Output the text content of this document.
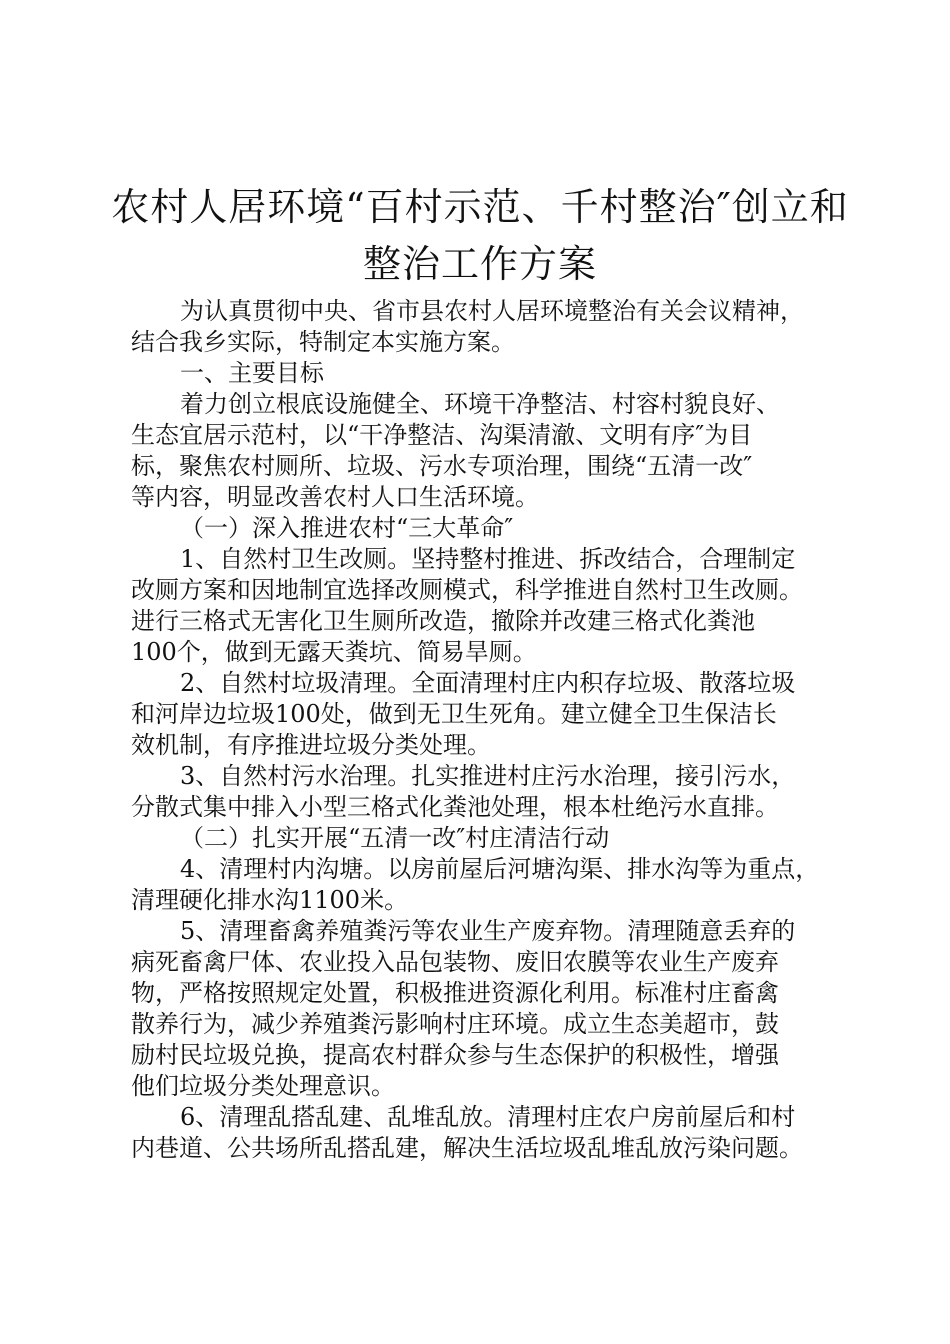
农村人居环境“百村示范、千村整治″创立和
整治工作方案
为认真贯彻中央、省市县农村人居环境整治有关会议精神，
结合我乡实际，特制定本实施方案。
一、主要目标
着力创立根底设施健全、环境干净整洁、村容村貌良好、
生态宜居示范村，以“干净整洁、沟渠清澈、文明有序″为目
标，聚焦农村厕所、垃圾、污水专项治理，围绕“五清一改″
等内容，明显改善农村人口生活环境。
（一）深入推进农村“三大革命″
1、自然村卫生改厕。坚持整村推进、拆改结合，合理制定
改厕方案和因地制宜选择改厕模式，科学推进自然村卫生改厕。
进行三格式无害化卫生厕所改造，撤除并改建三格式化粪池
100个，做到无露天粪坑、简易旱厕。
2、自然村垃圾清理。全面清理村庄内积存垃圾、散落垃圾
和河岸边垃圾100处，做到无卫生死角。建立健全卫生保洁长
效机制，有序推进垃圾分类处理。
3、自然村污水治理。扎实推进村庄污水治理，接引污水，
分散式集中排入小型三格式化粪池处理，根本杜绝污水直排。
（二）扎实开展“五清一改″村庄清洁行动
4、清理村内沟塘。以房前屋后河塘沟渠、排水沟等为重点，
清理硬化排水沟1100米。
5、清理畜禽养殖粪污等农业生产废弃物。清理随意丢弃的
病死畜禽尸体、农业投入品包装物、废旧农膜等农业生产废弃
物，严格按照规定处置，积极推进资源化利用。标准村庄畜禽
散养行为，减少养殖粪污影响村庄环境。成立生态美超市，鼓
励村民垃圾兑换，提高农村群众参与生态保护的积极性，增强
他们垃圾分类处理意识。
6、清理乱搭乱建、乱堆乱放。清理村庄农户房前屋后和村
内巷道、公共场所乱搭乱建，解决生活垃圾乱堆乱放污染问题。
